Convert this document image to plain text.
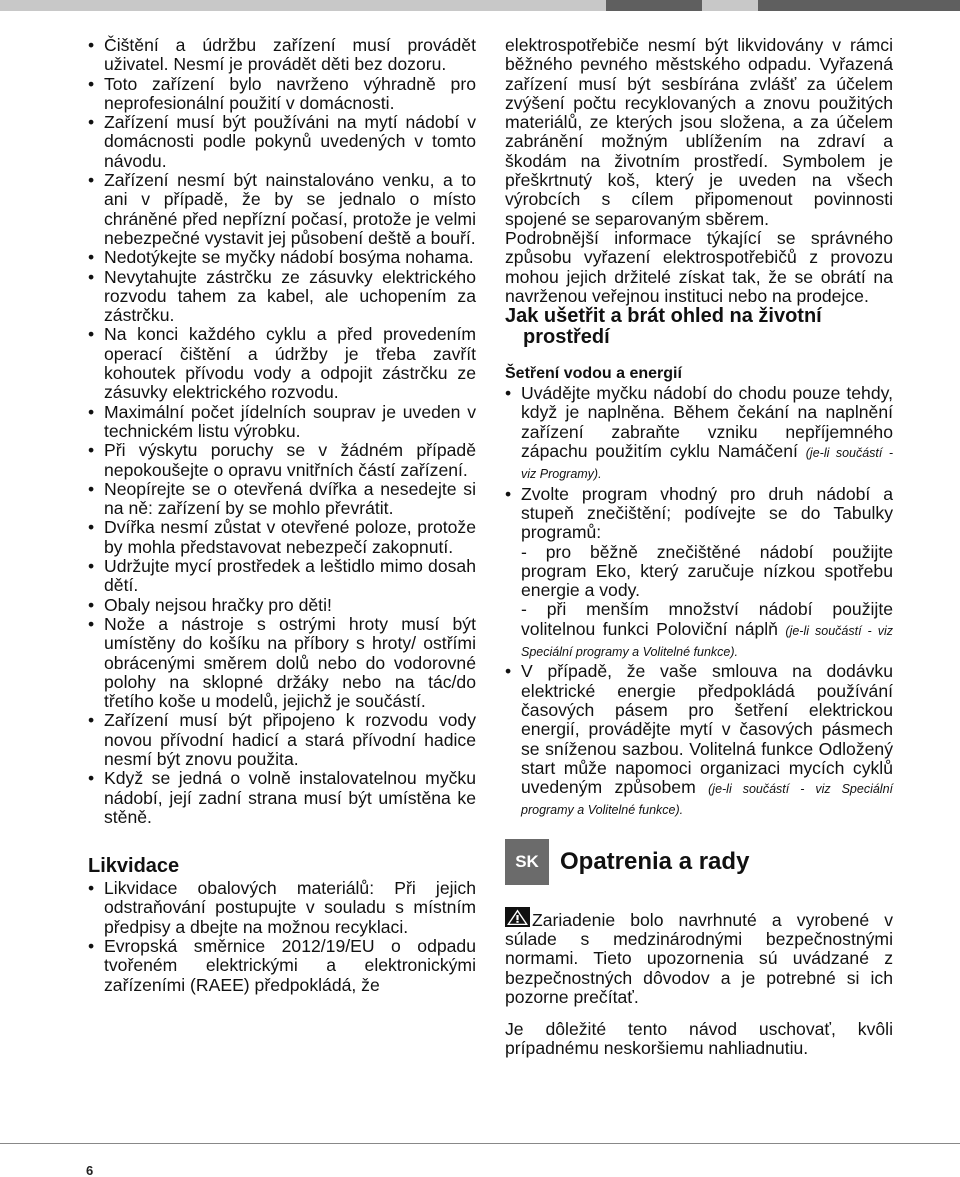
• Čištění a údržbu zařízení musí provádět uživatel. Nesmí je provádět děti bez dozoru.
• Toto zařízení bylo navrženo výhradně pro neprofesionální použití v domácnosti.
• Zařízení musí být používáni na mytí nádobí v domácnosti podle pokynů uvedených v tomto návodu.
• Zařízení nesmí být nainstalováno venku, a to ani v případě, že by se jednalo o místo chráněné před nepřízní počasí, protože je velmi nebezpečné vystavit jej působení deště a bouří.
• Nedotýkejte se myčky nádobí bosýma nohama.
• Nevytahujte zástrčku ze zásuvky elektrického rozvodu tahem za kabel, ale uchopením za zástrčku.
• Na konci každého cyklu a před provedením operací čištění a údržby je třeba zavřít kohoutek přívodu vody a odpojit zástrčku ze zásuvky elektrického rozvodu.
• Maximální počet jídelních souprav je uveden v technickém listu výrobku.
• Při výskytu poruchy se v žádném případě nepokoušejte o opravu vnitřních částí zařízení.
• Neopírejte se o otevřená dvířka a nesedejte si na ně: zařízení by se mohlo převrátit.
• Dvířka nesmí zůstat v otevřené poloze, protože by mohla představovat nebezpečí zakopnutí.
• Udržujte mycí prostředek a leštidlo mimo dosah dětí.
• Obaly nejsou hračky pro děti!
• Nože a nástroje s ostrými hroty musí být umístěny do košíku na příbory s hroty/ ostřími obrácenými směrem dolů nebo do vodorovné polohy na sklopné držáky nebo na tác/do třetího koše u modelů, jejichž je součástí.
• Zařízení musí být připojeno k rozvodu vody novou přívodní hadicí a stará přívodní hadice nesmí být znovu použita.
• Když se jedná o volně instalovatelnou myčku nádobí, její zadní strana musí být umístěna ke stěně.
Likvidace
• Likvidace obalových materiálů: Při jejich odstraňování postupujte v souladu s místním předpisy a dbejte na možnou recyklaci.
• Evropská směrnice 2012/19/EU o odpadu tvořeném elektrickými a elektronickými zařízeními (RAEE) předpokládá, že

elektrospotřebiče nesmí být likvidovány v rámci běžného pevného městského odpadu. Vyřazená zařízení musí být sesbírána zvlášť za účelem zvýšení počtu recyklovaných a znovu použitých materiálů, ze kterých jsou složena, a za účelem zabránění možným ublížením na zdraví a škodám na životním prostředí. Symbolem je přeškrtnutý koš, který je uveden na všech výrobcích s cílem připomenout povinnosti spojené se separovaným sběrem.

Podrobnější informace týkající se správného způsobu vyřazení elektrospotřebičů z provozu mohou jejich držitelé získat tak, že se obrátí na navrženou veřejnou instituci nebo na prodejce.

Jak ušetřit a brát ohled na životní
prostředí
Šetření vodou a energií
• Uvádějte myčku nádobí do chodu pouze tehdy, když je naplněna. Během čekání na naplnění zařízení zabraňte vzniku nepříjemného zápachu použitím cyklu Namáčení (je-li součástí - viz Programy).
• Zvolte program vhodný pro druh nádobí a stupeň znečištění; podívejte se do Tabulky programů:
- pro běžně znečištěné nádobí použijte program Eko, který zaručuje nízkou spotřebu energie a vody.
- při menším množství nádobí použijte volitelnou funkci Poloviční náplň (je-li součástí - viz Speciální programy a Volitelné funkce).
• V případě, že vaše smlouva na dodávku elektrické energie předpokládá používání časových pásem pro šetření elektrickou energií, provádějte mytí v časových pásmech se sníženou sazbou. Volitelná funkce Odložený start může napomoci organizaci mycích cyklů uvedeným způsobem (je-li součástí - viz Speciální programy a Volitelné funkce).
SK Opatrenia a rady

Zariadenie bolo navrhnuté a vyrobené v súlade s medzinárodnými bezpečnostnými normami. Tieto upozornenia sú uvádzané z bezpečnostných dôvodov a je potrebné si ich pozorne prečítať.

Je dôležité tento návod uschovať, kvôli prípadnému neskoršiemu nahliadnutiu.

6
